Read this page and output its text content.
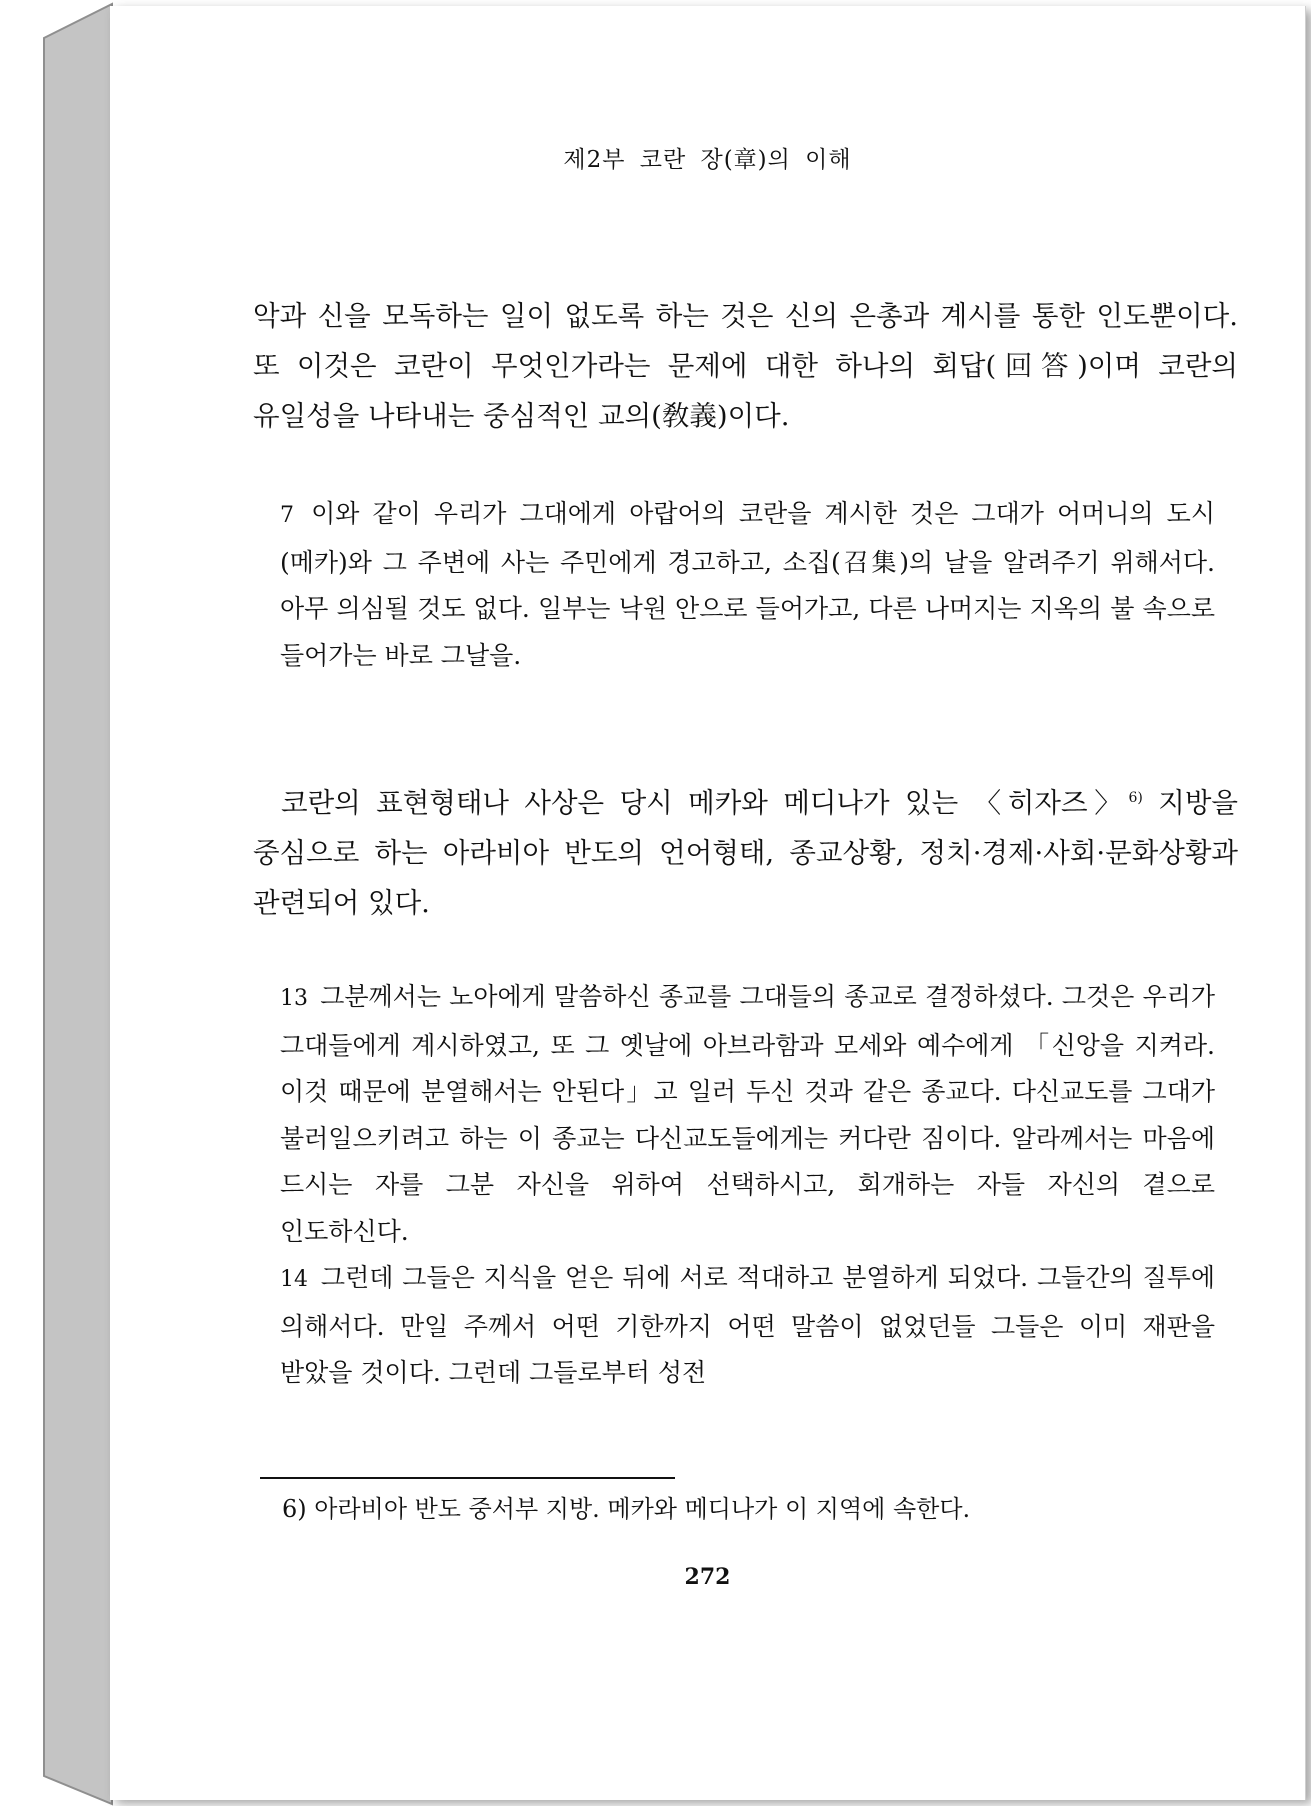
제2부 코란 장(章)의 이해
악과 신을 모독하는 일이 없도록 하는 것은 신의 은총과 계시를 통한 인도뿐이다. 또 이것은 코란이 무엇인가라는 문제에 대한 하나의 회답(回答)이며 코란의 유일성을 나타내는 중심적인 교의(敎義)이다.
7 이와 같이 우리가 그대에게 아랍어의 코란을 계시한 것은 그대가 어머니의 도시(메카)와 그 주변에 사는 주민에게 경고하고, 소집(召集)의 날을 알려주기 위해서다. 아무 의심될 것도 없다. 일부는 낙원 안으로 들어가고, 다른 나머지는 지옥의 불 속으로 들어가는 바로 그날을.
코란의 표현형태나 사상은 당시 메카와 메디나가 있는 〈히자즈〉$^{6)}$ 지방을 중심으로 하는 아라비아 반도의 언어형태, 종교상황, 정치·경제·사회·문화상황과 관련되어 있다.
13 그분께서는 노아에게 말씀하신 종교를 그대들의 종교로 결정하셨다. 그것은 우리가 그대들에게 계시하였고, 또 그 옛날에 아브라함과 모세와 예수에게 「신앙을 지켜라. 이것 때문에 분열해서는 안된다」고 일러 두신 것과 같은 종교다. 다신교도를 그대가 불러일으키려고 하는 이 종교는 다신교도들에게는 커다란 짐이다. 알라께서는 마음에 드시는 자를 그분 자신을 위하여 선택하시고, 회개하는 자들 자신의 곁으로 인도하신다.
14 그런데 그들은 지식을 얻은 뒤에 서로 적대하고 분열하게 되었다. 그들간의 질투에 의해서다. 만일 주께서 어떤 기한까지 어떤 말씀이 없었던들 그들은 이미 재판을 받았을 것이다. 그런데 그들로부터 성전
6) 아라비아 반도 중서부 지방. 메카와 메디나가 이 지역에 속한다.
272
